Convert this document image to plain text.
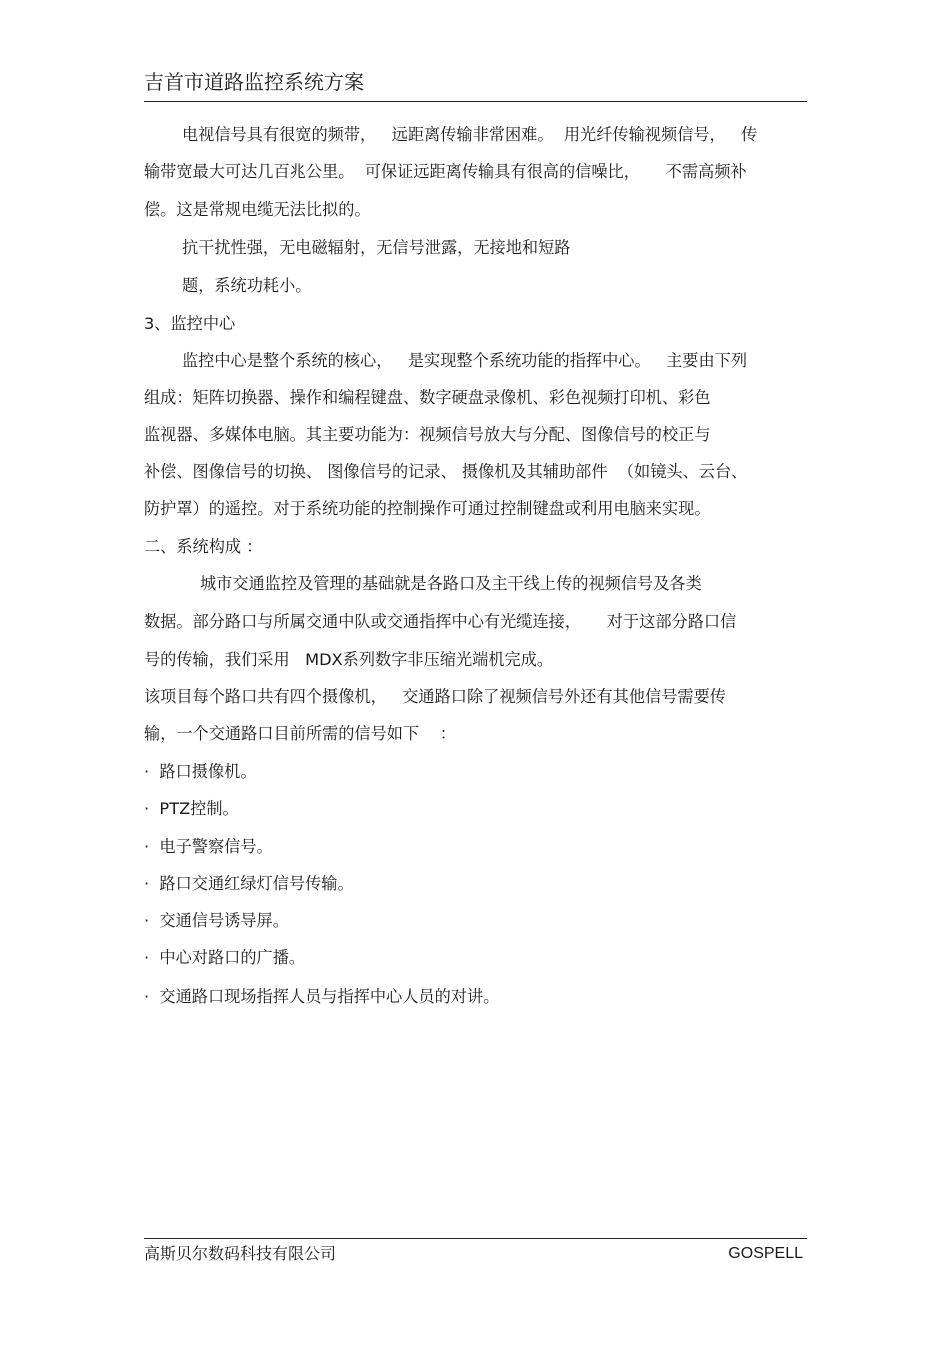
吉首市道路监控系统方案
电视信号具有很宽的频带，   远距离传输非常困难。  用光纤传输视频信号，   传
输带宽最大可达几百兆公里。  可保证远距离传输具有很高的信噪比，     不需高频补
偿。这是常规电缆无法比拟的。
抗干扰性强，无电磁辐射，无信号泄露，无接地和短路
题，系统功耗小。
3、监控中心
监控中心是整个系统的核心，   是实现整个系统功能的指挥中心。   主要由下列
组成：矩阵切换器、操作和编程键盘、数字硬盘录像机、彩色视频打印机、彩色
监视器、多媒体电脑。其主要功能为：视频信号放大与分配、图像信号的校正与
补偿、图像信号的切换、 图像信号的记录、 摄像机及其辅助部件  （如镜头、云台、
防护罩）的遥控。对于系统功能的控制操作可通过控制键盘或利用电脑来实现。
二、系统构成 ：
城市交通监控及管理的基础就是各路口及主干线上传的视频信号及各类
数据。部分路口与所属交通中队或交通指挥中心有光缆连接，     对于这部分路口信
号的传输，我们采用   MDX系列数字非压缩光端机完成。
该项目每个路口共有四个摄像机，   交通路口除了视频信号外还有其他信号需要传
输，一个交通路口目前所需的信号如下    ：
·  路口摄像机。
·  PTZ控制。
·  电子警察信号。
·  路口交通红绿灯信号传输。
·  交通信号诱导屏。
·  中心对路口的广播。
·  交通路口现场指挥人员与指挥中心人员的对讲。
高斯贝尔数码科技有限公司	GOSPELL
